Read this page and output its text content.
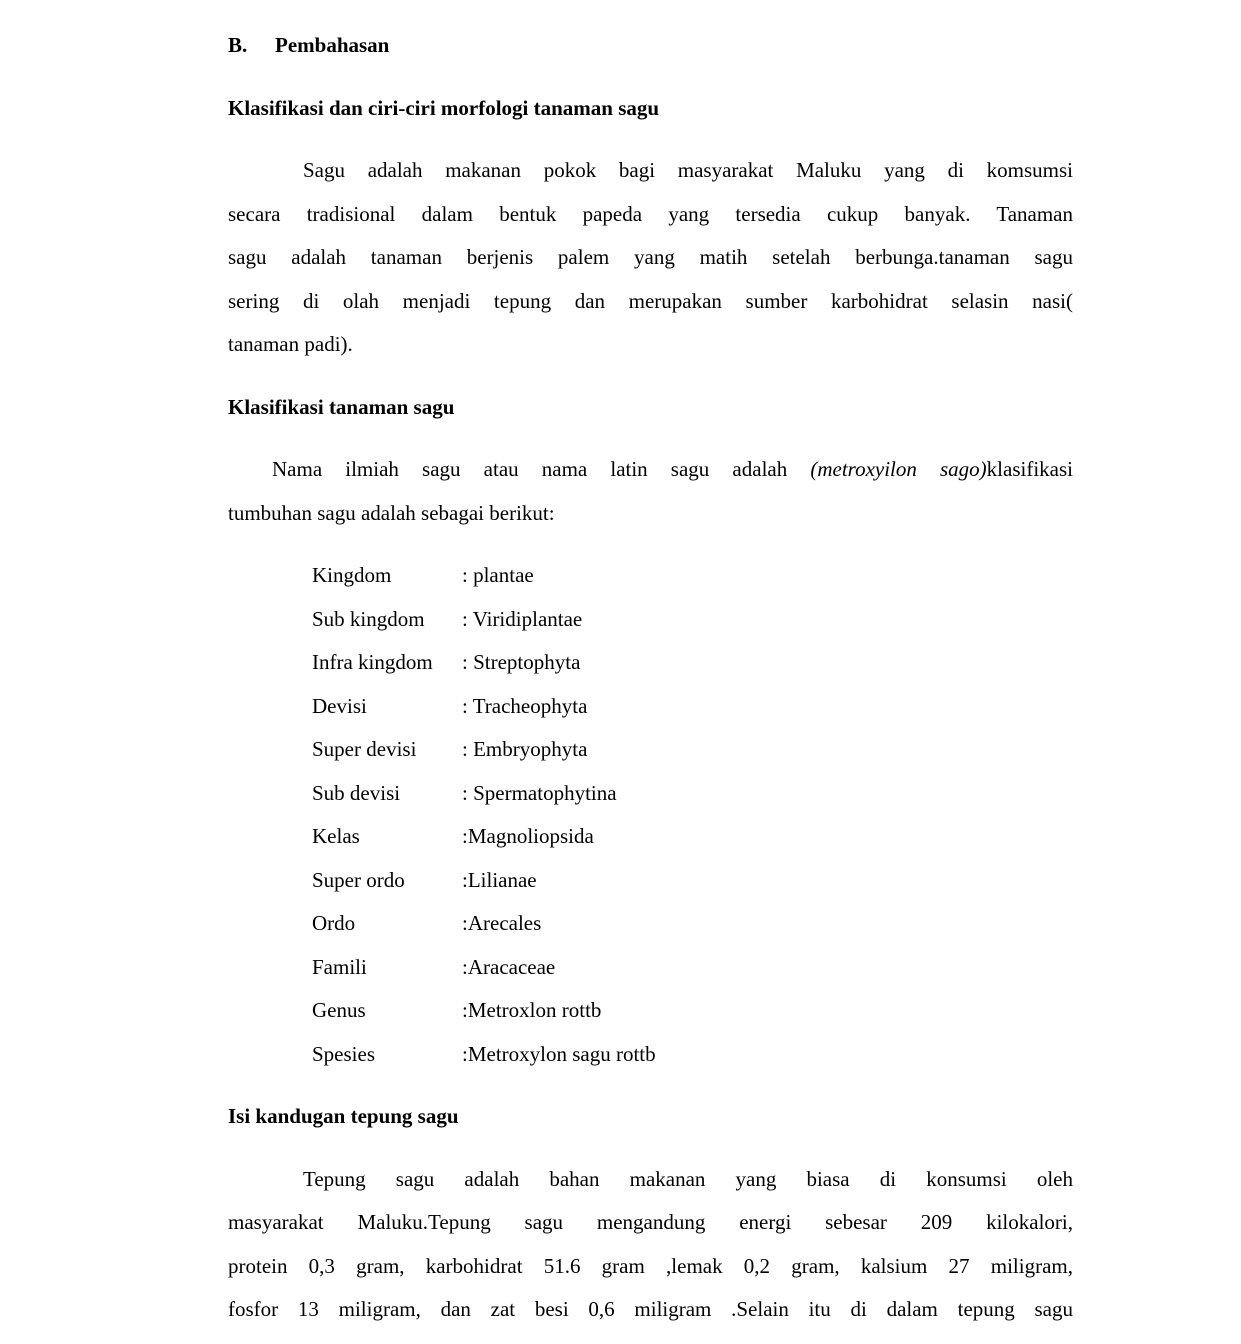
B. Pembahasan
Klasifikasi dan ciri-ciri morfologi tanaman sagu
Sagu adalah makanan pokok bagi masyarakat Maluku yang di komsumsi
secara tradisional dalam bentuk papeda yang tersedia cukup banyak. Tanaman
sagu adalah tanaman berjenis palem yang matih setelah berbunga.tanaman sagu
sering di olah menjadi tepung dan merupakan sumber karbohidrat selasin nasi(
tanaman padi).
Klasifikasi tanaman sagu
Nama ilmiah sagu atau nama latin sagu adalah (metroxyilon sago)klasifikasi
tumbuhan sagu adalah sebagai berikut:
Kingdom	: plantae
Sub kingdom : Viridiplantae
Infra kingdom : Streptophyta
Devisi	: Tracheophyta
Super devisi : Embryophyta
Sub devisi	: Spermatophytina
Kelas	:Magnoliopsida
Super ordo	:Lilianae
Ordo	:Arecales
Famili	:Aracaceae
Genus	:Metroxlon rottb
Spesies	:Metroxylon sagu rottb
Isi kandugan tepung sagu
Tepung sagu adalah bahan makanan yang biasa di konsumsi oleh
masyarakat Maluku.Tepung sagu mengandung energi sebesar 209 kilokalori,
protein 0,3 gram, karbohidrat 51.6 gram ,lemak 0,2 gram, kalsium 27 miligram,
fosfor 13 miligram, dan zat besi 0,6 miligram .Selain itu di dalam tepung sagu
